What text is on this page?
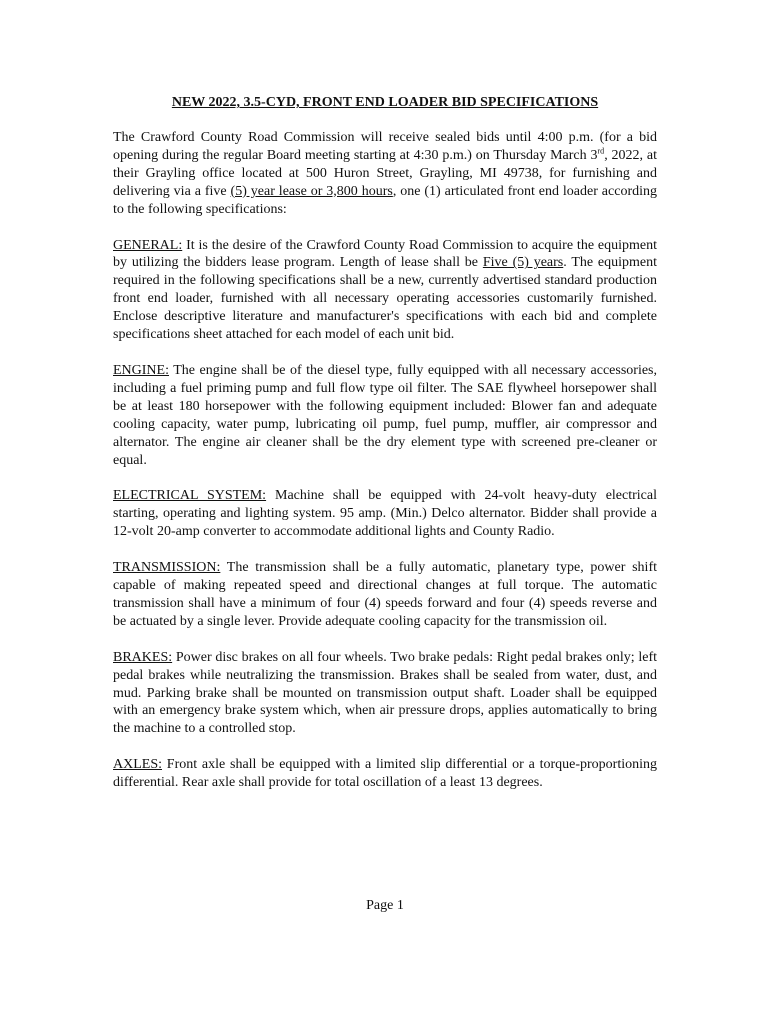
NEW 2022, 3.5-CYD, FRONT END LOADER BID SPECIFICATIONS

The Crawford County Road Commission will receive sealed bids until 4:00 p.m. (for a bid opening during the regular Board meeting starting at 4:30 p.m.) on Thursday March 3rd, 2022, at their Grayling office located at 500 Huron Street, Grayling, MI 49738, for furnishing and delivering via a five (5) year lease or 3,800 hours, one (1) articulated front end loader according to the following specifications:

GENERAL: It is the desire of the Crawford County Road Commission to acquire the equipment by utilizing the bidders lease program. Length of lease shall be Five (5) years. The equipment required in the following specifications shall be a new, currently advertised standard production front end loader, furnished with all necessary operating accessories customarily furnished. Enclose descriptive literature and manufacturer's specifications with each bid and complete specifications sheet attached for each model of each unit bid.

ENGINE: The engine shall be of the diesel type, fully equipped with all necessary accessories, including a fuel priming pump and full flow type oil filter. The SAE flywheel horsepower shall be at least 180 horsepower with the following equipment included: Blower fan and adequate cooling capacity, water pump, lubricating oil pump, fuel pump, muffler, air compressor and alternator. The engine air cleaner shall be the dry element type with screened pre-cleaner or equal.

ELECTRICAL SYSTEM: Machine shall be equipped with 24-volt heavy-duty electrical starting, operating and lighting system. 95 amp. (Min.) Delco alternator. Bidder shall provide a 12-volt 20-amp converter to accommodate additional lights and County Radio.

TRANSMISSION: The transmission shall be a fully automatic, planetary type, power shift capable of making repeated speed and directional changes at full torque. The automatic transmission shall have a minimum of four (4) speeds forward and four (4) speeds reverse and be actuated by a single lever. Provide adequate cooling capacity for the transmission oil.

BRAKES: Power disc brakes on all four wheels. Two brake pedals: Right pedal brakes only; left pedal brakes while neutralizing the transmission. Brakes shall be sealed from water, dust, and mud. Parking brake shall be mounted on transmission output shaft. Loader shall be equipped with an emergency brake system which, when air pressure drops, applies automatically to bring the machine to a controlled stop.

AXLES: Front axle shall be equipped with a limited slip differential or a torque-proportioning differential. Rear axle shall provide for total oscillation of a least 13 degrees.

Page 1
